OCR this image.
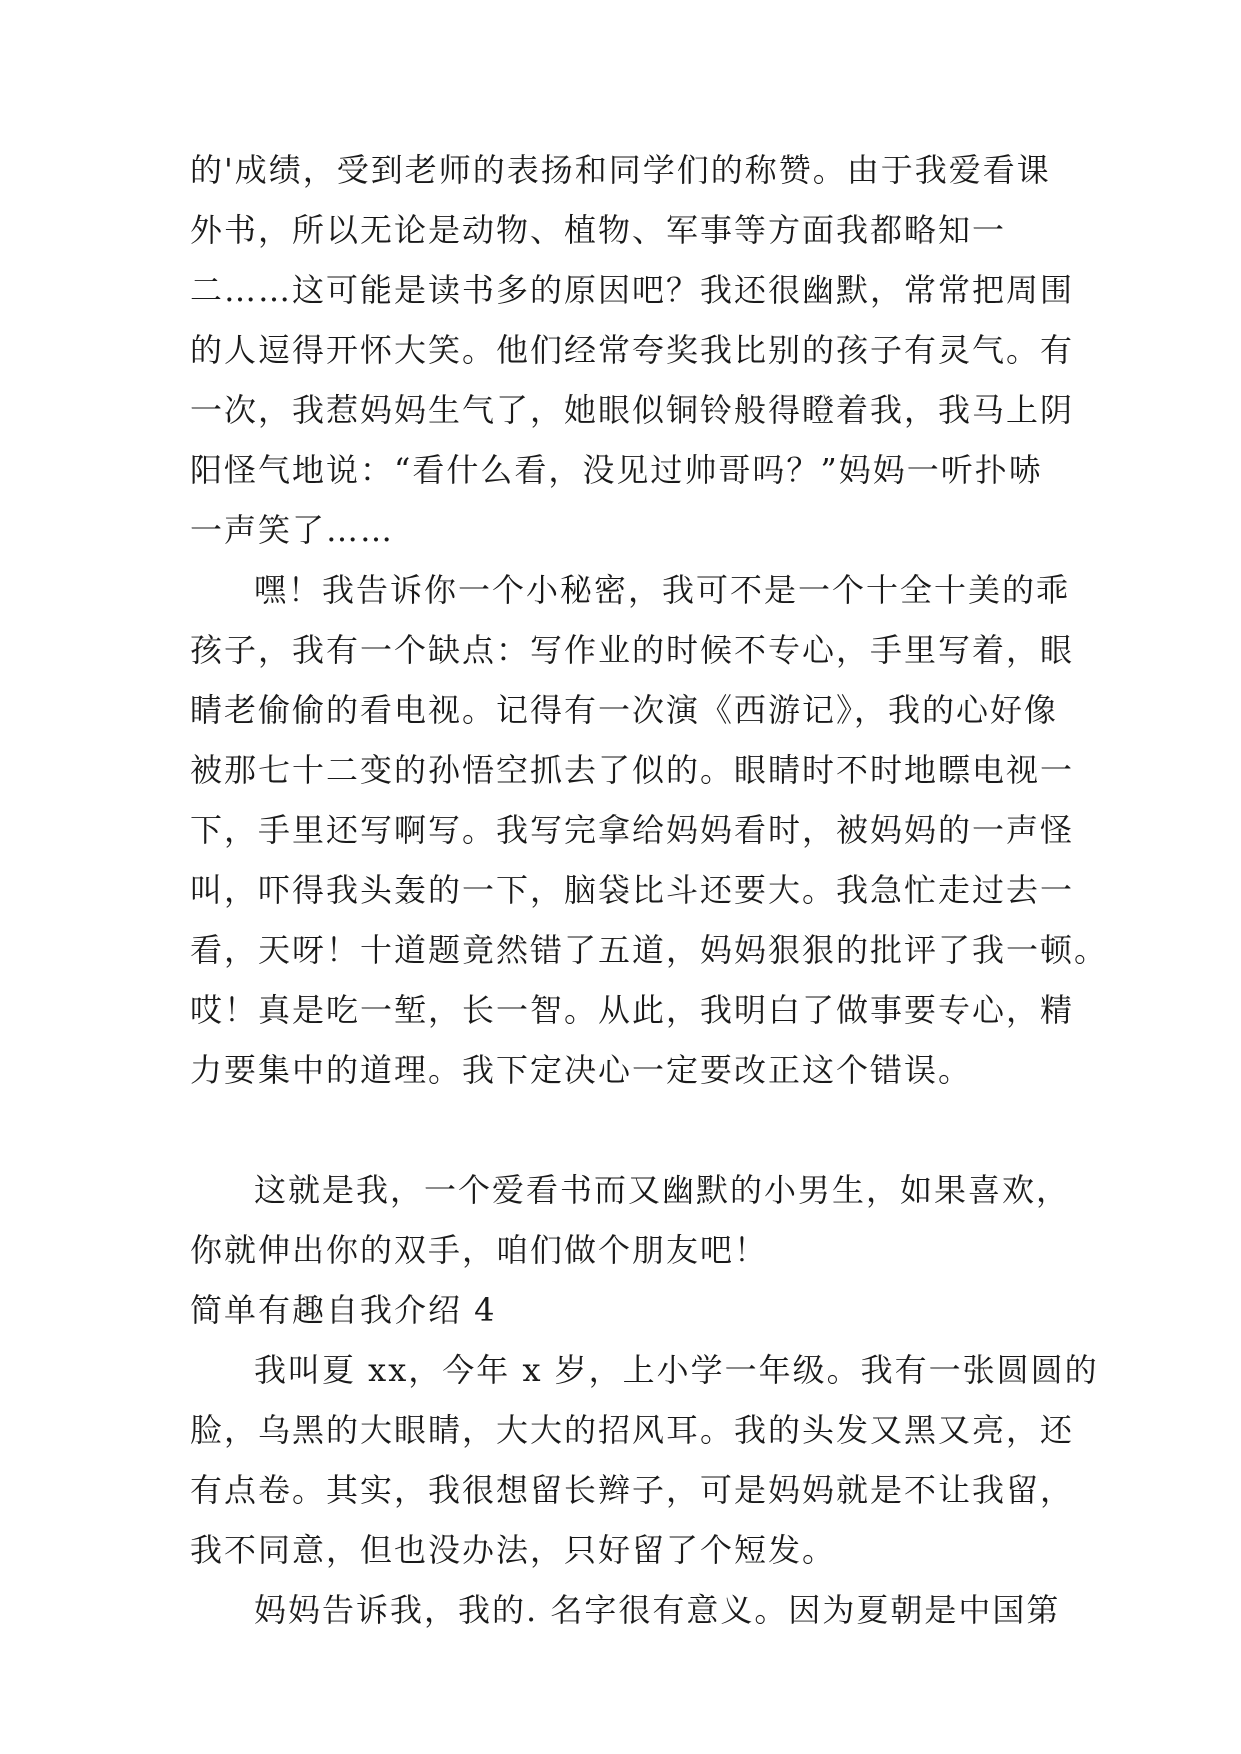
的'成绩，受到老师的表扬和同学们的称赞。由于我爱看课
外书，所以无论是动物、植物、军事等方面我都略知一
二……这可能是读书多的原因吧？我还很幽默，常常把周围
的人逗得开怀大笑。他们经常夸奖我比别的孩子有灵气。有
一次，我惹妈妈生气了，她眼似铜铃般得瞪着我，我马上阴
阳怪气地说：“看什么看，没见过帅哥吗？”妈妈一听扑哧
一声笑了……
嘿！我告诉你一个小秘密，我可不是一个十全十美的乖
孩子，我有一个缺点：写作业的时候不专心，手里写着，眼
睛老偷偷的看电视。记得有一次演《西游记》，我的心好像
被那七十二变的孙悟空抓去了似的。眼睛时不时地瞟电视一
下，手里还写啊写。我写完拿给妈妈看时，被妈妈的一声怪
叫，吓得我头轰的一下，脑袋比斗还要大。我急忙走过去一
看，天呀！十道题竟然错了五道，妈妈狠狠的批评了我一顿。
哎！真是吃一堑，长一智。从此，我明白了做事要专心，精
力要集中的道理。我下定决心一定要改正这个错误。
这就是我，一个爱看书而又幽默的小男生，如果喜欢，
你就伸出你的双手，咱们做个朋友吧！
简单有趣自我介绍 4
我叫夏 xx，今年 x 岁，上小学一年级。我有一张圆圆的
脸，乌黑的大眼睛，大大的招风耳。我的头发又黑又亮，还
有点卷。其实，我很想留长辫子，可是妈妈就是不让我留，
我不同意，但也没办法，只好留了个短发。
妈妈告诉我，我的. 名字很有意义。因为夏朝是中国第
